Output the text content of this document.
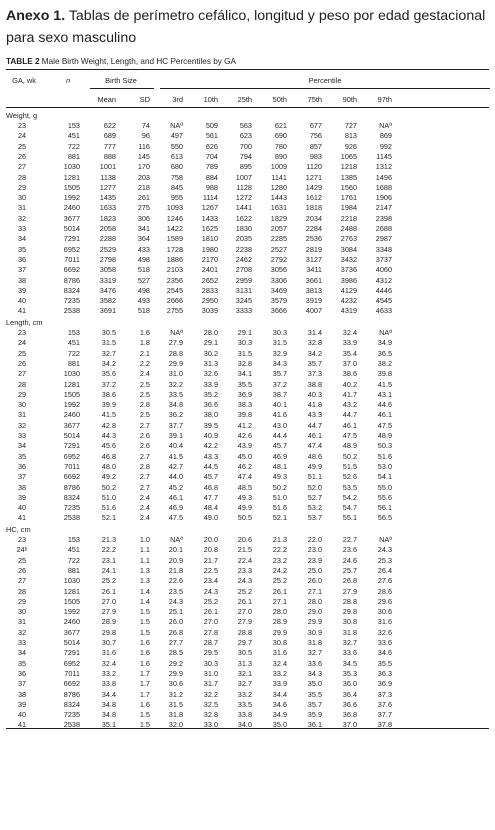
Anexo 1. Tablas de perímetro cefálico, longitud y peso por edad gestacional para sexo masculino
TABLE 2 Male Birth Weight, Length, and HC Percentiles by GA
GA, wk	n	Birth Size	Percentile
Mean	SD	3rd	10th	25th	50th	75th	90th	97th
Weight, g
23	153	622	74	NAª	509	563	621	677	727	NAª
24	451	689	96	497	561	623	690	756	813	869
25	722	777	116	550	626	700	780	857	926	992
26	881	888	145	613	704	794	890	983	1065	1145
27	1030	1001	170	680	789	895	1009	1120	1218	1312
28	1281	1138	203	758	884	1007	1141	1271	1385	1496
29	1505	1277	218	845	988	1128	1280	1429	1560	1688
30	1992	1435	261	955	1114	1272	1443	1612	1761	1906
31	2460	1633	275	1093	1267	1441	1631	1818	1984	2147
32	3677	1823	306	1246	1433	1622	1829	2034	2218	2398
33	5014	2058	341	1422	1625	1830	2057	2284	2488	2688
34	7291	2288	364	1589	1810	2035	2285	2536	2763	2987
35	6952	2529	433	1728	1980	2238	2527	2819	3084	3348
36	7011	2798	498	1886	2170	2462	2792	3127	3432	3737
37	6692	3058	518	2103	2401	2708	3056	3411	3736	4060
38	8786	3319	527	2356	2652	2959	3306	3661	3986	4312
39	8324	3476	498	2545	2833	3131	3469	3813	4129	4446
40	7235	3582	493	2666	2950	3245	3579	3919	4232	4545
41	2538	3691	518	2755	3039	3333	3666	4007	4319	4633
Length, cm
23	153	30.5	1.6	NAª	28.0	29.1	30.3	31.4	32.4	NAª
24	451	31.5	1.8	27.9	29.1	30.3	31.5	32.8	33.9	34.9
25	722	32.7	2.1	28.8	30.2	31.5	32.9	34.2	35.4	36.5
26	881	34.2	2.2	29.9	31.3	32.8	34.3	35.7	37.0	38.2
27	1030	35.6	2.4	31.0	32.6	34.1	35.7	37.3	38.6	39.8
28	1281	37.2	2.5	32.2	33.9	35.5	37.2	38.8	40.2	41.5
29	1505	38.6	2.5	33.5	35.2	36.9	38.7	40.3	41.7	43.1
30	1992	39.9	2.8	34.8	36.6	38.3	40.1	41.8	43.2	44.6
31	2460	41.5	2.5	36.2	38.0	39.8	41.6	43.3	44.7	46.1
32	3677	42.8	2.7	37.7	39.5	41.2	43.0	44.7	46.1	47.5
33	5014	44.3	2.6	39.1	40.9	42.6	44.4	46.1	47.5	48.9
34	7291	45.6	2.6	40.4	42.2	43.9	45.7	47.4	48.9	50.3
35	6952	46.8	2.7	41.5	43.3	45.0	46.9	48.6	50.2	51.6
36	7011	48.0	2.8	42.7	44.5	46.2	48.1	49.9	51.5	53.0
37	6692	49.2	2.7	44.0	45.7	47.4	49.3	51.1	52.6	54.1
38	8786	50.2	2.7	45.2	46.8	48.5	50.2	52.0	53.5	55.0
39	8324	51.0	2.4	46.1	47.7	49.3	51.0	52.7	54.2	55.6
40	7235	51.6	2.4	46.9	48.4	49.9	51.6	53.2	54.7	56.1
41	2538	52.1	2.4	47.5	49.0	50.5	52.1	53.7	55.1	56.5
HC, cm
23	153	21.3	1.0	NAª	20.0	20.6	21.3	22.0	22.7	NAª
24ᵇ	451	22.2	1.1	20.1	20.8	21.5	22.2	23.0	23.6	24.3
25	722	23.1	1.1	20.9	21.7	22.4	23.2	23.9	24.6	25.3
26	881	24.1	1.3	21.8	22.5	23.3	24.2	25.0	25.7	26.4
27	1030	25.2	1.3	22.6	23.4	24.3	25.2	26.0	26.8	27.6
28	1281	26.1	1.4	23.5	24.3	25.2	26.1	27.1	27.9	28.6
29	1505	27.0	1.4	24.3	25.2	26.1	27.1	28.0	28.8	29.6
30	1992	27.9	1.5	25.1	26.1	27.0	28.0	29.0	29.8	30.6
31	2460	28.9	1.5	26.0	27.0	27.9	28.9	29.9	30.8	31.6
32	3677	29.8	1.5	26.8	27.8	28.8	29.9	30.9	31.8	32.6
33	5014	30.7	1.6	27.7	28.7	29.7	30.8	31.8	32.7	33.6
34	7291	31.6	1.6	28.5	29.5	30.5	31.6	32.7	33.6	34.6
35	6952	32.4	1.6	29.2	30.3	31.3	32.4	33.6	34.5	35.5
36	7011	33.2	1.7	29.9	31.0	32.1	33.2	34.3	35.3	36.3
37	6692	33.8	1.7	30.6	31.7	32.7	33.9	35.0	36.0	36.9
38	8786	34.4	1.7	31.2	32.2	33.2	34.4	35.5	36.4	37.3
39	8324	34.8	1.6	31.5	32.5	33.5	34.6	35.7	36.6	37.6
40	7235	34.8	1.5	31.8	32.8	33.8	34.9	35.9	36.8	37.7
41	2538	35.1	1.5	32.0	33.0	34.0	35.0	36.1	37.0	37.8
